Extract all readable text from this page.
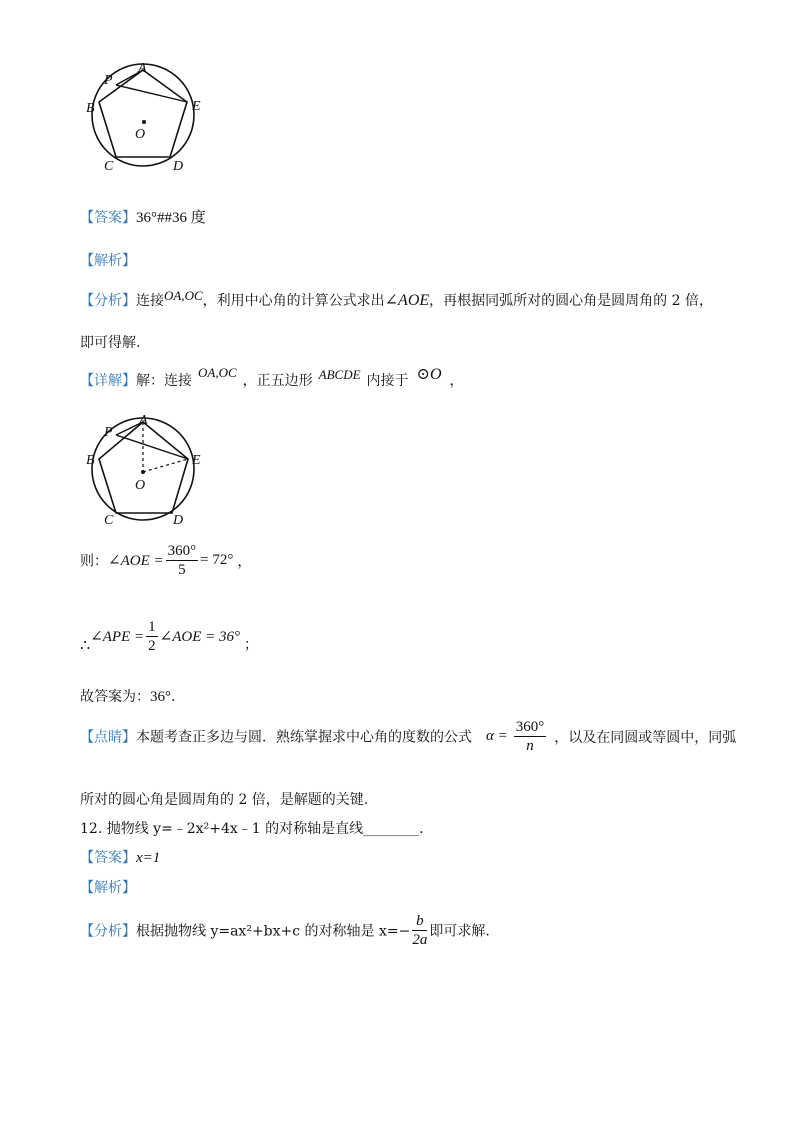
A
P
B	E
O
C	D
【答案】36°##36 度
【解析】
【分析】连接OA,OC，利用中心角的计算公式求出∠AOE，再根据同弧所对的圆心角是圆周角的 2 倍，
即可得解.
【详解】解：连接OA,OC，正五边形 ABCDE 内接于 ⊙O ，
A
P
B	E
O
C	D
则：∠AOE = $\frac{360^\circ}{5} = 72^\circ$ ，
∴∠APE = $\frac{1}{2}$ ∠AOE = 36° ；
故答案为：36°.
【点睛】本题考查正多边与圆．熟练掌握求中心角的度数的公式 $\alpha = \frac{360^\circ}{n}$ ，以及在同圆或等圆中，同弧
所对的圆心角是圆周角的 2 倍，是解题的关键.
12. 抛物线 y=﹣2x²+4x﹣1 的对称轴是直线________．
【答案】x=1
【解析】
【分析】根据抛物线 y=ax²+bx+c 的对称轴是 $x=- \frac{b}{2a}$ 即可求解.
